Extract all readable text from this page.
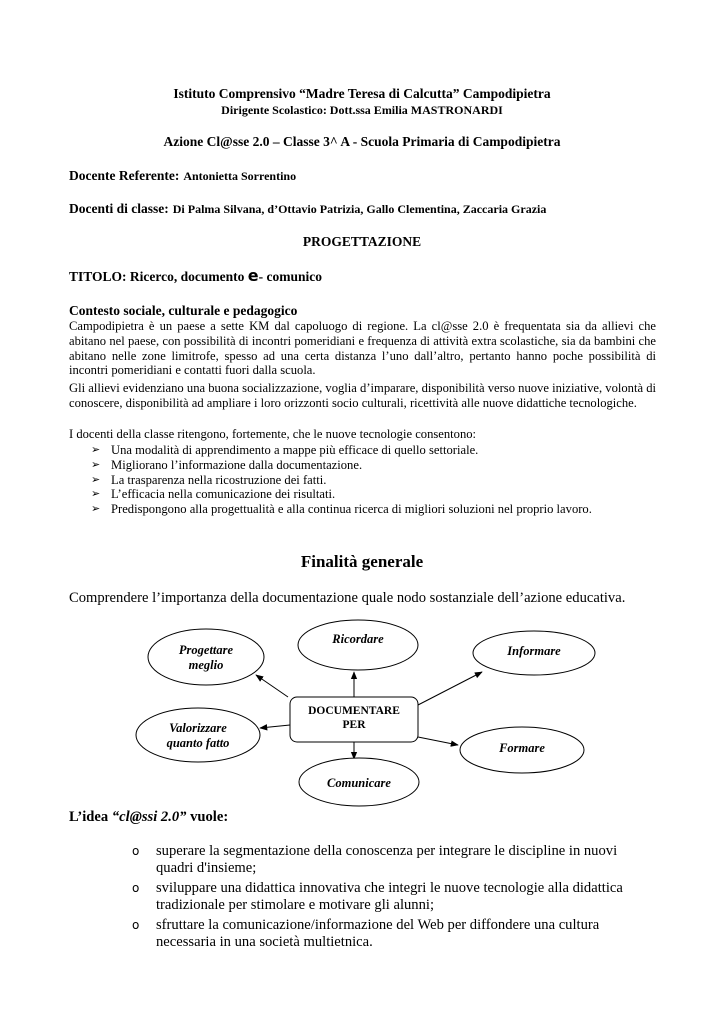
Istituto Comprensivo “Madre Teresa di Calcutta” Campodipietra
Dirigente Scolastico: Dott.ssa Emilia MASTRONARDI
Azione Cl@sse 2.0 – Classe 3^ A - Scuola Primaria di Campodipietra
Docente Referente: Antonietta Sorrentino
Docenti di classe: Di Palma Silvana, d’Ottavio Patrizia, Gallo Clementina, Zaccaria Grazia
PROGETTAZIONE
TITOLO: Ricerco, documento e- comunico
Contesto sociale, culturale e pedagogico
Campodipietra è un paese a sette KM dal capoluogo di regione. La cl@sse 2.0 è frequentata sia da allievi che abitano nel paese, con possibilità di incontri pomeridiani e frequenza di attività extra scolastiche, sia da bambini che abitano nelle zone limitrofe, spesso ad una certa distanza l’uno dall’altro, pertanto hanno poche possibilità di incontri pomeridiani e contatti fuori dalla scuola.
Gli allievi evidenziano una buona socializzazione, voglia d’imparare, disponibilità verso nuove iniziative, volontà di conoscere, disponibilità ad ampliare i loro orizzonti socio culturali, ricettività alle nuove didattiche tecnologiche.
I docenti della classe ritengono, fortemente, che le nuove tecnologie consentono:
➢ Una modalità di apprendimento a mappe più efficace di quello settoriale.
➢ Migliorano l’informazione dalla documentazione.
➢ La trasparenza nella ricostruzione dei fatti.
➢ L’efficacia nella comunicazione dei risultati.
➢ Predispongono alla progettualità e alla continua ricerca di migliori soluzioni nel proprio lavoro.
Finalità generale
Comprendere l’importanza della documentazione quale nodo sostanziale dell’azione educativa.
DOCUMENTARE
PER
Ricordare
Progettare
meglio
Informare
Valorizzare
quanto fatto	Formare
Comunicare
L’idea “cl@ssi 2.0” vuole:
o superare la segmentazione della conoscenza per integrare le discipline in nuovi quadri d'insieme;
o sviluppare una didattica innovativa che integri le nuove tecnologie alla didattica tradizionale per stimolare e motivare gli alunni;
o sfruttare la comunicazione/informazione del Web per diffondere una cultura necessaria in una società multietnica.
